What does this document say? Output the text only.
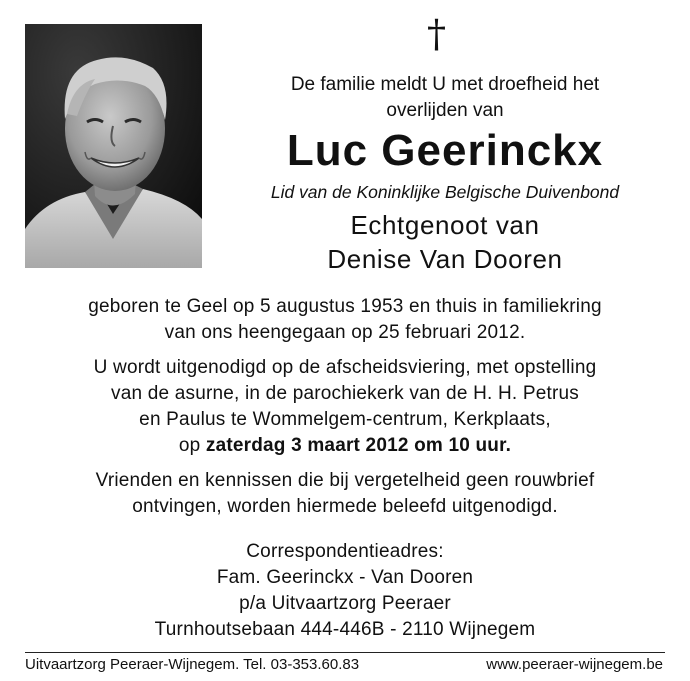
†
De familie meldt U met droefheid het
overlijden van
Luc Geerinckx
Lid van de Koninklijke Belgische Duivenbond
Echtgenoot van
Denise Van Dooren
geboren te Geel op 5 augustus 1953 en thuis in familiekring
van ons heengegaan op 25 februari 2012.
U wordt uitgenodigd op de afscheidsviering, met opstelling
van de asurne, in de parochiekerk van de H. H. Petrus
en Paulus te Wommelgem-centrum, Kerkplaats,
op zaterdag 3 maart 2012 om 10 uur.
Vrienden en kennissen die bij vergetelheid geen rouwbrief
ontvingen, worden hiermede beleefd uitgenodigd.
Correspondentieadres:
Fam. Geerinckx - Van Dooren
p/a Uitvaartzorg Peeraer
Turnhoutsebaan 444-446B - 2110 Wijnegem
Uitvaartzorg Peeraer-Wijnegem. Tel. 03-353.60.83	www.peeraer-wijnegem.be
